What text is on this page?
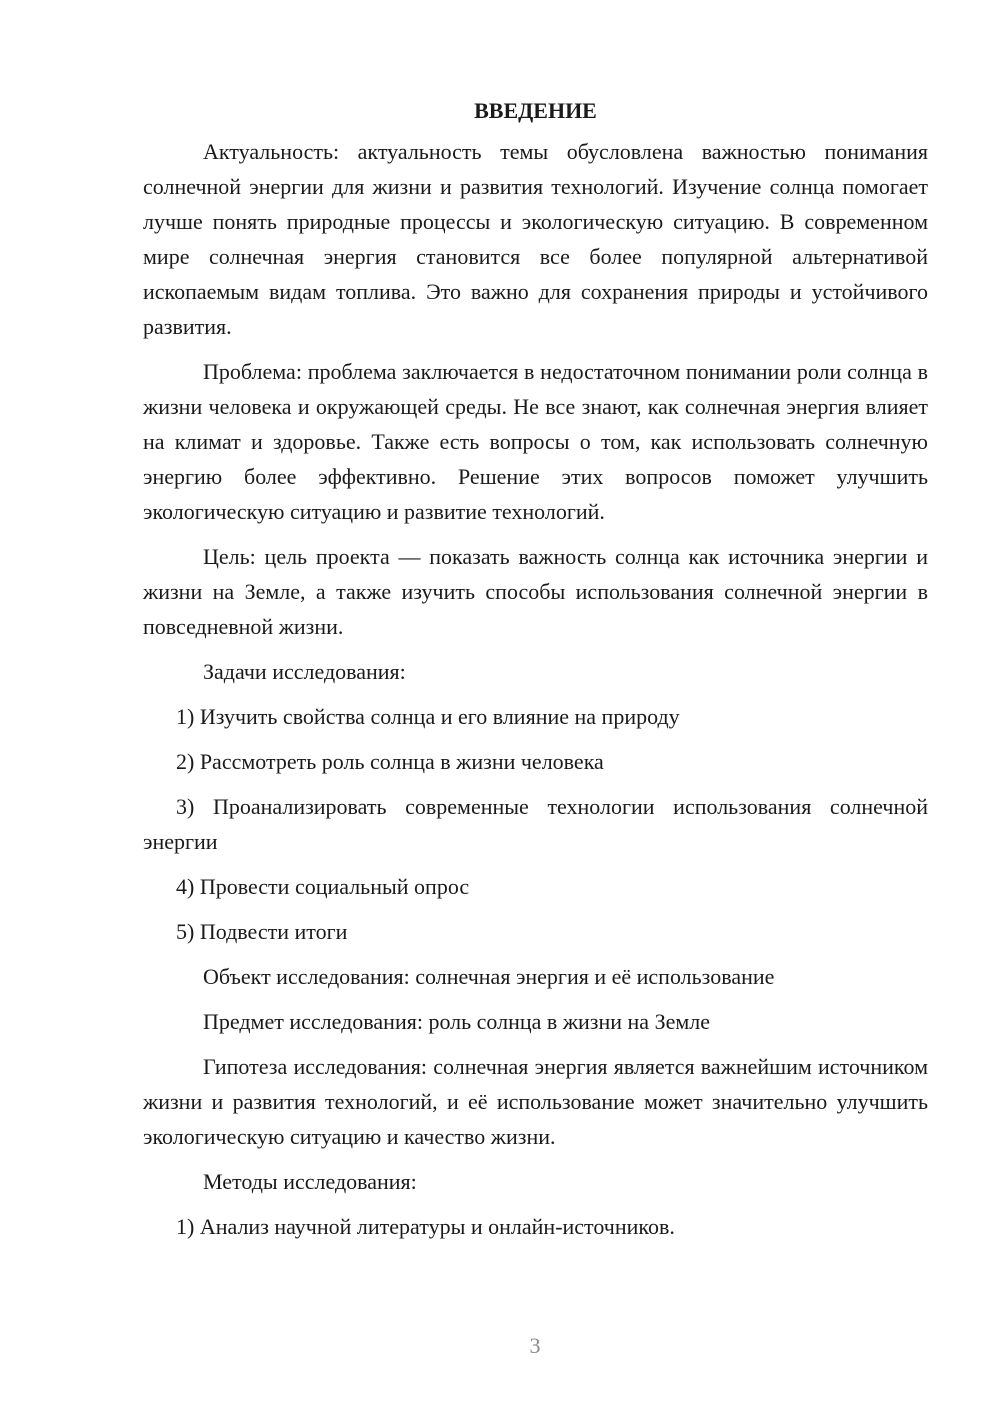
ВВЕДЕНИЕ

Актуальность: актуальность темы обусловлена важностью понимания солнечной энергии для жизни и развития технологий. Изучение солнца помогает лучше понять природные процессы и экологическую ситуацию. В современном мире солнечная энергия становится все более популярной альтернативой ископаемым видам топлива. Это важно для сохранения природы и устойчивого развития.

Проблема: проблема заключается в недостаточном понимании роли солнца в жизни человека и окружающей среды. Не все знают, как солнечная энергия влияет на климат и здоровье. Также есть вопросы о том, как использовать солнечную энергию более эффективно. Решение этих вопросов поможет улучшить экологическую ситуацию и развитие технологий.

Цель: цель проекта — показать важность солнца как источника энергии и жизни на Земле, а также изучить способы использования солнечной энергии в повседневной жизни.

Задачи исследования:

1) Изучить свойства солнца и его влияние на природу

2) Рассмотреть роль солнца в жизни человека

3) Проанализировать современные технологии использования солнечной энергии

4) Провести социальный опрос

5) Подвести итоги

Объект исследования: солнечная энергия и её использование

Предмет исследования: роль солнца в жизни на Земле

Гипотеза исследования: солнечная энергия является важнейшим источником жизни и развития технологий, и её использование может значительно улучшить экологическую ситуацию и качество жизни.

Методы исследования:

1) Анализ научной литературы и онлайн-источников.

3
